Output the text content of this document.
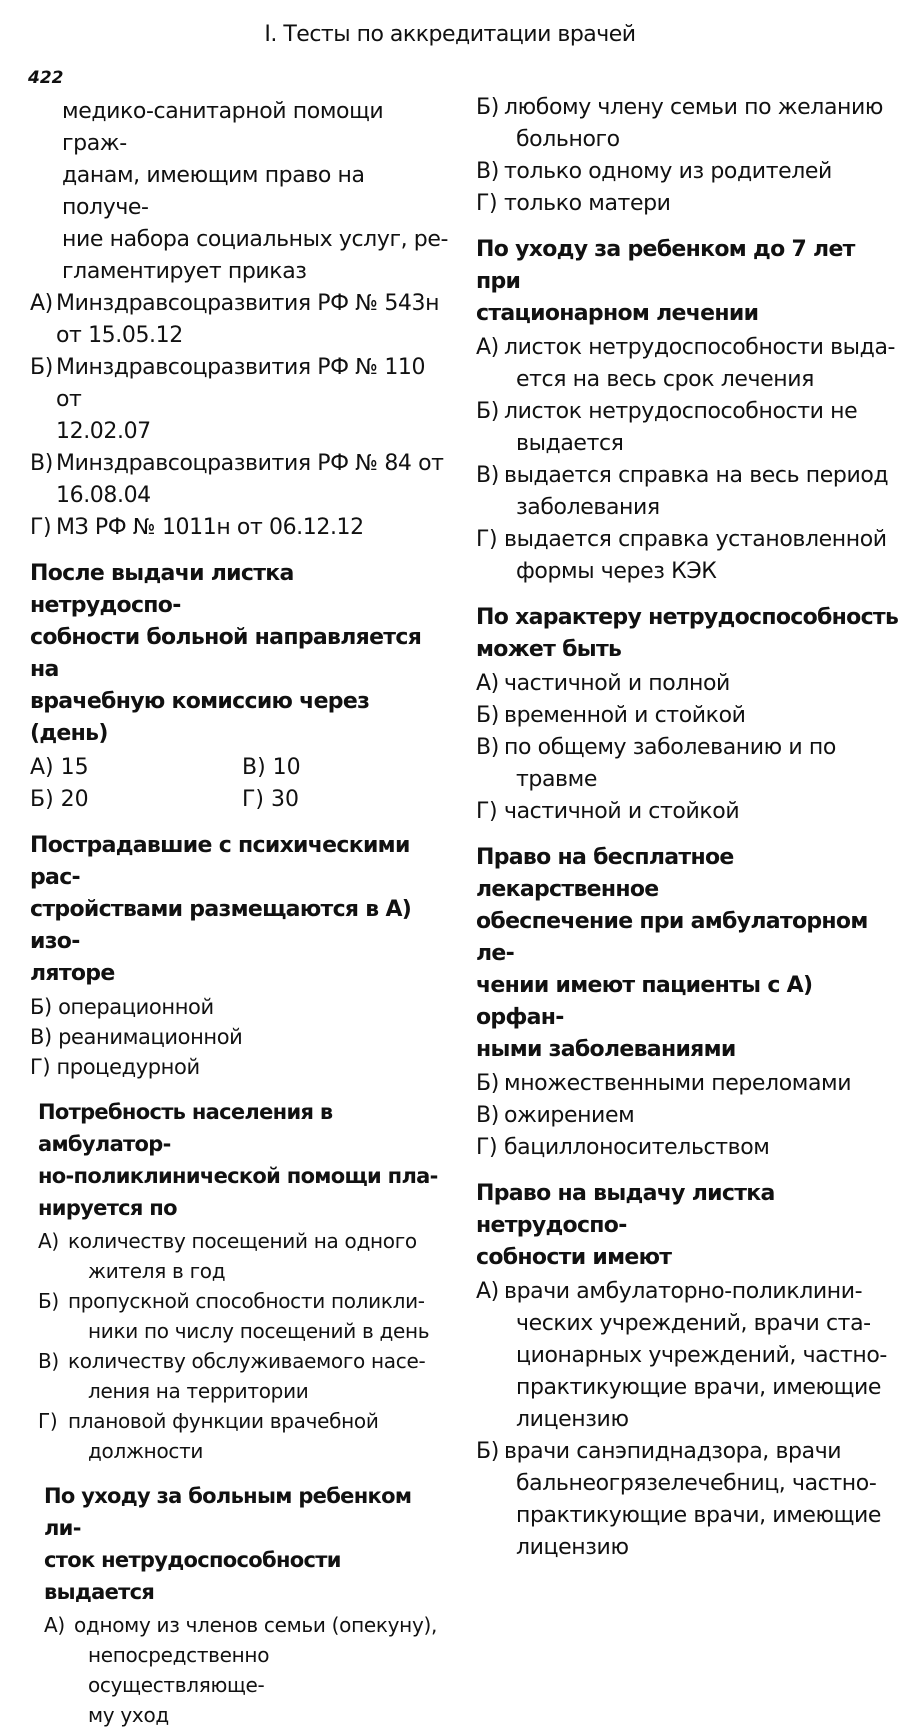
I. Тесты по аккредитации врачей
422

медико-санитарной помощи граж-

данам, имеющим право на получе-

ние набора социальных услуг, ре-

гламентирует приказ

А) Минздравсоцразвития РФ № 543н
от 15.05.12
Б) Минздравсоцразвития РФ № 110 от
12.02.07
В) Минздравсоцразвития РФ № 84 от
16.08.04
Г) МЗ РФ № 1011н от 06.12.12

После выдачи листка нетрудоспо-

собности больной направляется на

врачебную комиссию через (день)

А) 15	В) 10
Б) 20	Г) 30

Пострадавшие с психическими рас-

стройствами размещаются в А) изо-

ляторе

Б) операционной

В) реанимационной

Г) процедурной

Потребность населения в амбулатор-

но-поликлинической помощи пла-

нируется по

А) количеству посещений на одного
жителя в год
Б) пропускной способности поликли-
ники по числу посещений в день
В) количеству обслуживаемого насе-
ления на территории
Г) плановой функции врачебной
должности

По уходу за больным ребенком ли-

сток нетрудоспособности выдается

А) одному из членов семьи (опекуну),
непосредственно осуществляюще-
му уход
Б) любому члену семьи по желанию
больного
В) только одному из родителей
Г) только матери

По уходу за ребенком до 7 лет при

стационарном лечении

А) листок нетрудоспособности выда-
ется на весь срок лечения
Б) листок нетрудоспособности не
выдается
В) выдается справка на весь период
заболевания
Г) выдается справка установленной
формы через КЭК

По характеру нетрудоспособность

может быть

А) частичной и полной
Б) временной и стойкой
В) по общему заболеванию и по
травме
Г) частичной и стойкой

Право на бесплатное лекарственное

обеспечение при амбулаторном ле-

чении имеют пациенты с А) орфан-

ными заболеваниями

Б) множественными переломами
В) ожирением
Г) бациллоносительством

Право на выдачу листка нетрудоспо-

собности имеют

А) врачи амбулаторно-поликлини-
ческих учреждений, врачи ста-
ционарных учреждений, частно-
практикующие врачи, имеющие
лицензию
Б) врачи санэпиднадзора, врачи
бальнеогрязелечебниц, частно-
практикующие врачи, имеющие
лицензию
